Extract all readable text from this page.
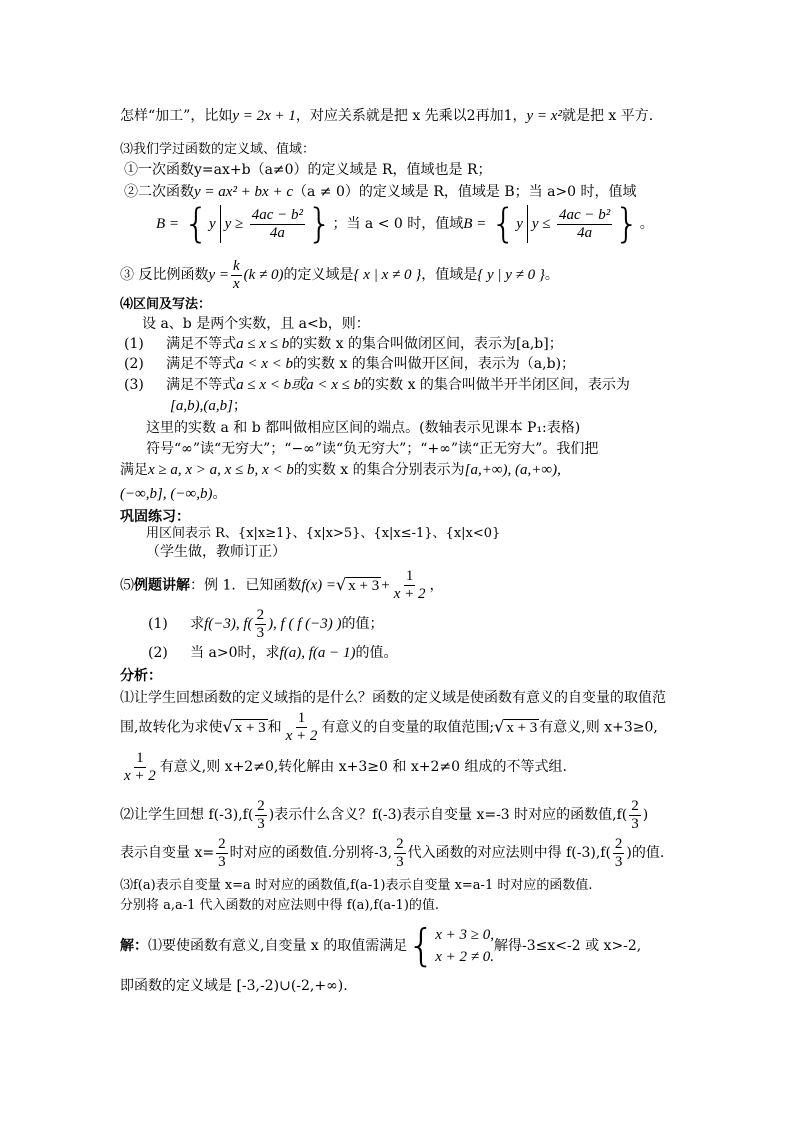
怎样“加工”，比如y = 2x + 1，对应关系就是把 x 先乘以2再加1，y = x²就是把 x 平方.
⑶我们学过函数的定义域、值域：
①一次函数y=ax+b（a≠0）的定义域是 R，值域也是 R；
②二次函数y = ax² + bx + c（a ≠ 0）的定义域是 R，值域是 B；当 a>0 时，值域
B = {y $y \ge \frac{\text{4ac − b²}}{4a}$ }；当 a < 0 时，值域B = {y $y \le \frac{\text{4ac − b²}}{4a}$ }。
③ 反比例函数$y = \frac{k}{x} (k \ne 0)$的定义域是{ x | x ≠ 0 }，值域是{ y | y ≠ 0 }。
⑷区间及写法：
设 a、b 是两个实数，且 a<b，则：
(1) 满足不等式a ≤ x ≤ b的实数 x 的集合叫做闭区间，表示为[a,b]；
(2) 满足不等式a < x < b的实数 x 的集合叫做开区间，表示为（a,b)；
(3) 满足不等式a ≤ x < b或a < x ≤ b的实数 x 的集合叫做半开半闭区间，表示为
[a,b),(a,b]；
这里的实数 a 和 b 都叫做相应区间的端点。(数轴表示见课本 P₁:表格)
符号“∞”读“无穷大”；“−∞”读“负无穷大”；“+∞”读“正无穷大”。我们把
满足x ≥ a, x > a, x ≤ b, x < b的实数 x 的集合分别表示为[a,+∞), (a,+∞),
(−∞,b], (−∞,b)。
巩固练习：
用区间表示 R、{x|x≥1}、{x|x>5}、{x|x≤-1}、{x|x<0}
（学生做，教师订正）
⑸例题讲解：例 1．已知函数f(x) =√ $x + 3 + \frac{1}{x + 2}$ ，
(1) 求f(−3), $f( \frac{2}{3}$ ), f ( f (−3) )的值；
(2) 当 a>0时，求f(a), f(a − 1)的值。
分析：
⑴让学生回想函数的定义域指的是什么？函数的定义域是使函数有意义的自变量的取值范
围,故转化为求使√ x + 3 和 $\frac{1}{x + 2}$ 有意义的自变量的取值范围;√ x + 3 有意义,则 x+3≥0,
$\frac{1}{x + 2}$ 有意义,则 x+2≠0,转化解由 x+3≥0 和 x+2≠0 组成的不等式组.
⑵让学生回想 $f(-3),f( \frac{2}{3}$ )表示什么含义？f(-3)表示自变量 x=-3 时对应的函数值$,f( \frac{2}{3}$ )
表示自变量 $x= \frac{2}{3}$ 时对应的函数值.分别将-3, $\frac{2}{3}$ 代入函数的对应法则中得 $f(-3),f( \frac{2}{3}$ )的值.
⑶f(a)表示自变量 x=a 时对应的函数值,f(a-1)表示自变量 x=a-1 时对应的函数值.
分别将 a,a-1 代入函数的对应法则中得 f(a),f(a-1)的值.
解：⑴要使函数有意义,自变量 x 的取值需满足 { x + 3 ≥ 0,
x + 2 ≠ 0.
解得-3≤x<-2 或 x>-2,
即函数的定义域是 [-3,-2)∪(-2,+∞).
